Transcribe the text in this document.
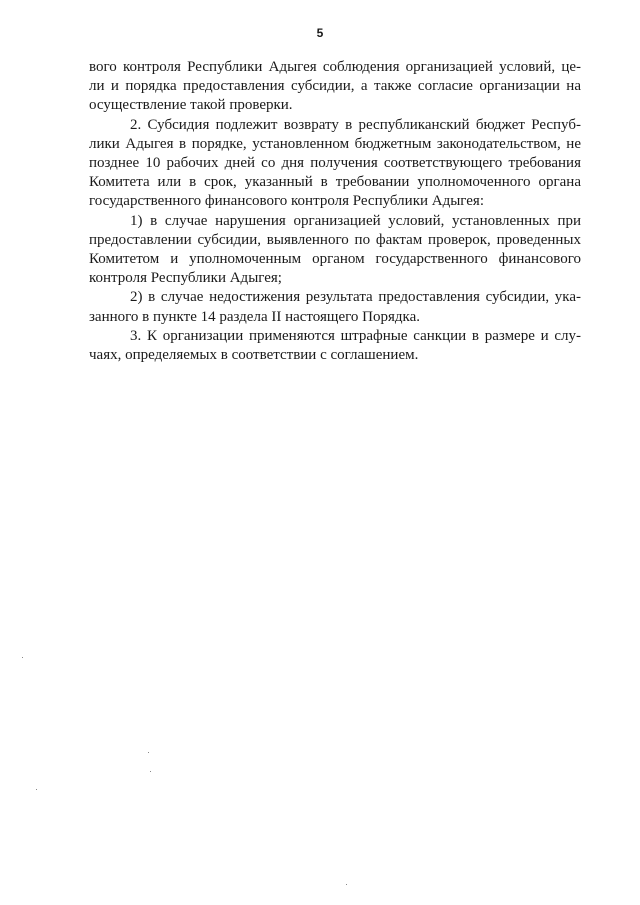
5
вого контроля Республики Адыгея соблюдения организацией условий, це-
ли и порядка предоставления субсидии, а также согласие организации на
осуществление такой проверки.
2. Субсидия подлежит возврату в республиканский бюджет Респуб-
лики Адыгея в порядке, установленном бюджетным законодательством, не
позднее 10 рабочих дней со дня получения соответствующего требования
Комитета или в срок, указанный в требовании уполномоченного органа
государственного финансового контроля Республики Адыгея:
1) в случае нарушения организацией условий, установленных при
предоставлении субсидии, выявленного по фактам проверок, проведенных
Комитетом и уполномоченным органом государственного финансового
контроля Республики Адыгея;
2) в случае недостижения результата предоставления субсидии, ука-
занного в пункте 14 раздела II настоящего Порядка.
3. К организации применяются штрафные санкции в размере и слу-
чаях, определяемых в соответствии с соглашением.
